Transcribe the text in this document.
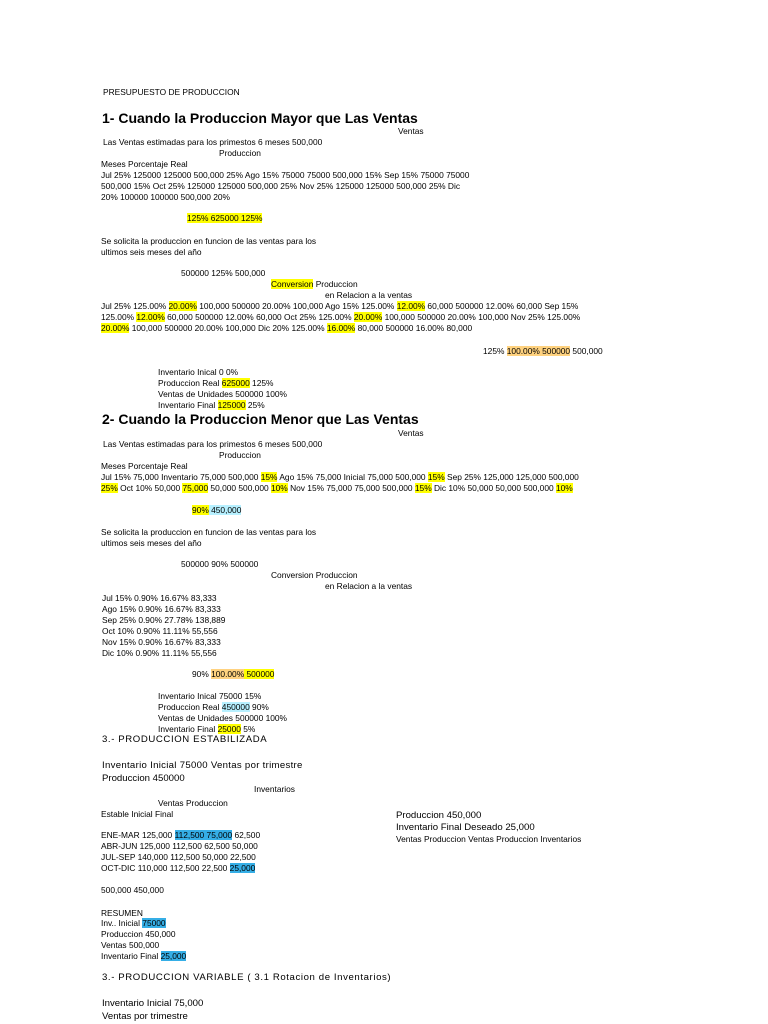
PRESUPUESTO DE PRODUCCION
1- Cuando la Produccion Mayor que Las Ventas
Ventas
Las Ventas estimadas para los primestos 6 meses 500,000
Produccion
Meses Porcentaje Real
Jul 25% 125000 125000 500,000 25% Ago 15% 75000 75000 500,000 15% Sep 15% 75000 75000
500,000 15% Oct 25% 125000 125000 500,000 25% Nov 25% 125000 125000 500,000 25% Dic
20% 100000 100000 500,000 20%
125% 625000 125%
Se solicita la produccion en funcion de las ventas para los
ultimos seis meses del año
500000 125% 500,000
Conversion Produccion
en Relacion a la ventas
Jul 25% 125.00% 20.00% 100,000 500000 20.00% 100,000 Ago 15% 125.00% 12.00% 60,000 500000 12.00% 60,000 Sep 15%
125.00% 12.00% 60,000 500000 12.00% 60,000 Oct 25% 125.00% 20.00% 100,000 500000 20.00% 100,000 Nov 25% 125.00%
20.00% 100,000 500000 20.00% 100,000 Dic 20% 125.00% 16.00% 80,000 500000 16.00% 80,000
125% 100.00% 500000 500,000
Inventario Inical 0 0%
Produccion Real 625000 125%
Ventas de Unidades 500000 100%
Inventario Final 125000 25%
2- Cuando la Produccion Menor que Las Ventas
Ventas
Las Ventas estimadas para los primestos 6 meses 500,000
Produccion
Meses Porcentaje Real
Jul 15% 75,000 Inventario 75,000 500,000 15% Ago 15% 75,000 Inicial 75,000 500,000 15% Sep 25% 125,000 125,000 500,000
25% Oct 10% 50,000 75,000 50,000 500,000 10% Nov 15% 75,000 75,000 500,000 15% Dic 10% 50,000 50,000 500,000 10%
90% 450,000
Se solicita la produccion en funcion de las ventas para los
ultimos seis meses del año
500000 90% 500000
Conversion Produccion
en Relacion a la ventas
Jul 15% 0.90% 16.67% 83,333
Ago 15% 0.90% 16.67% 83,333
Sep 25% 0.90% 27.78% 138,889
Oct 10% 0.90% 11.11% 55,556
Nov 15% 0.90% 16.67% 83,333
Dic 10% 0.90% 11.11% 55,556
90% 100.00% 500000
Inventario Inical 75000 15%
Produccion Real 450000 90%
Ventas de Unidades 500000 100%
Inventario Final 25000 5%
3.- PRODUCCION ESTABILIZADA
Inventario Inicial 75000 Ventas por trimestre
Produccion 450000
Inventarios
Ventas Produccion
Estable Inicial Final
ENE-MAR 125,000 112,500 75,000 62,500
ABR-JUN 125,000 112,500 62,500 50,000
JUL-SEP 140,000 112,500 50,000 22,500
OCT-DIC 110,000 112,500 22,500 25,000
500,000 450,000
Produccion 450,000
Inventario Final Deseado 25,000
Ventas Produccion Ventas Produccion Inventarios
RESUMEN
Inv.. Inicial 75000
Produccion 450,000
Ventas 500,000
Inventario Final 25,000
3.- PRODUCCION VARIABLE ( 3.1 Rotacion de Inventarios)
Inventario Inicial 75,000
Ventas por trimestre
